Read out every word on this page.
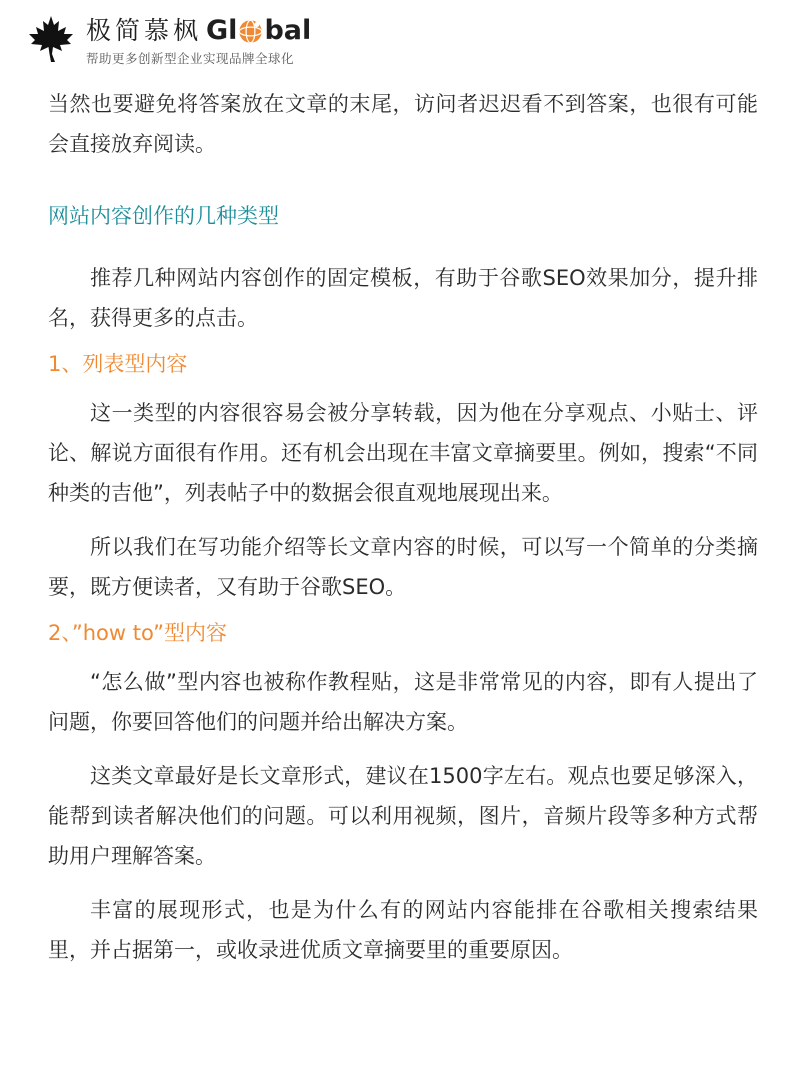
极简慕枫 Gl bal
帮助更多创新型企业实现品牌全球化

当然也要避免将答案放在文章的末尾，访问者迟迟看不到答案，也很有可能会直接放弃阅读。

网站内容创作的几种类型

推荐几种网站内容创作的固定模板，有助于谷歌SEO效果加分，提升排名，获得更多的点击。

1、列表型内容

这一类型的内容很容易会被分享转载，因为他在分享观点、小贴士、评论、解说方面很有作用。还有机会出现在丰富文章摘要里。例如，搜索“不同种类的吉他”，列表帖子中的数据会很直观地展现出来。

所以我们在写功能介绍等长文章内容的时候，可以写一个简单的分类摘要，既方便读者，又有助于谷歌SEO。

2、”how to”型内容

“怎么做”型内容也被称作教程贴，这是非常常见的内容，即有人提出了问题，你要回答他们的问题并给出解决方案。

这类文章最好是长文章形式，建议在1500字左右。观点也要足够深入，能帮到读者解决他们的问题。可以利用视频，图片，音频片段等多种方式帮助用户理解答案。

丰富的展现形式，也是为什么有的网站内容能排在谷歌相关搜索结果里，并占据第一，或收录进优质文章摘要里的重要原因。
